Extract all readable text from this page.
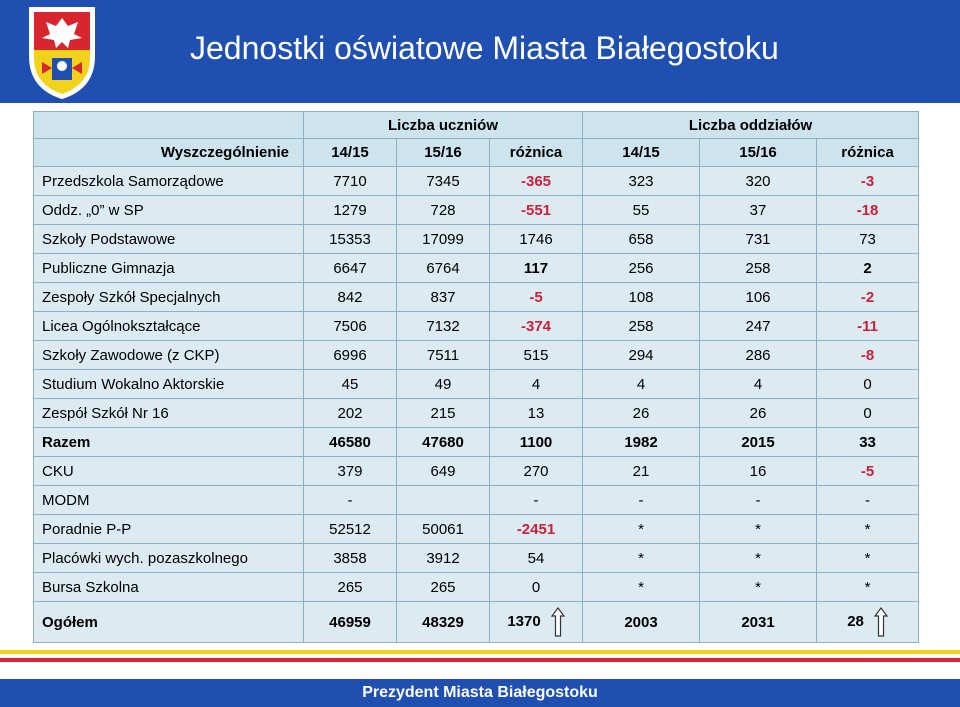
Jednostki oświatowe Miasta Białegostoku
	Liczba uczniów			Liczba oddziałów		
Wyszczególnienie	14/15	15/16	różnica	14/15	15/16	różnica
Przedszkola Samorządowe	7710	7345	-365	323	320	-3
Oddz. „0” w SP	1279	728	-551	55	37	-18
Szkoły Podstawowe	15353	17099	1746	658	731	73
Publiczne Gimnazja	6647	6764	117	256	258	2
Zespoły Szkół Specjalnych	842	837	-5	108	106	-2
Licea Ogólnokształcące	7506	7132	-374	258	247	-11
Szkoły Zawodowe (z CKP)	6996	7511	515	294	286	-8
Studium Wokalno Aktorskie	45	49	4	4	4	0
Zespół Szkół Nr 16	202	215	13	26	26	0
Razem	46580	47680	1100	1982	2015	33
CKU	379	649	270	21	16	-5
MODM	-		-	-	-	-
Poradnie P-P	52512	50061	-2451	*	*	*
Placówki wych. pozaszkolnego	3858	3912	54	*	*	*
Bursa Szkolna	265	265	0	*	*	*
Ogółem	46959	48329	1370	2003	2031	28
Prezydent Miasta Białegostoku
